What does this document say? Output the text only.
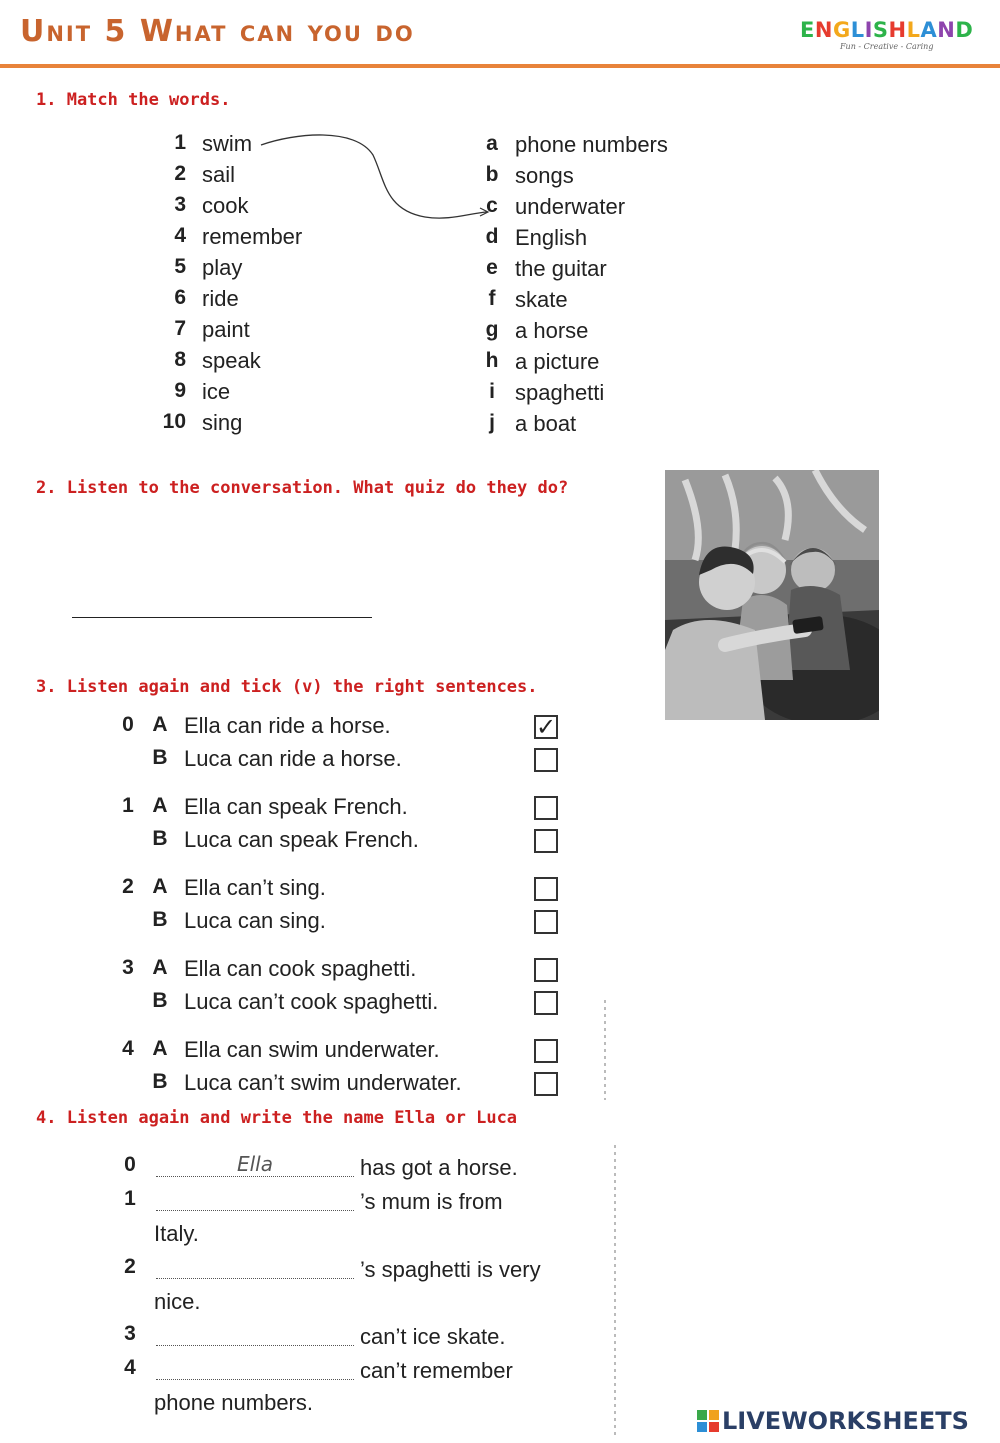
Unit 5 What can you do	ENGLISHLAND
Fun - Creative - Caring
1. Match the words.
1 swim
2 sail
3 cook
4 remember
5 play
6 ride
7 paint
8 speak
9 ice
10 sing
a phone numbers
b songs
c underwater
d English
e the guitar
f skate
g a horse
h a picture
i spaghetti
j a boat
2. Listen to the conversation. What quiz do they do?
3. Listen again and tick (v) the right sentences.
0 A Ella can ride a horse.	✓
B Luca can ride a horse.
1 A Ella can speak French.
B Luca can speak French.
2 A Ella can’t sing.
B Luca can sing.
3 A Ella can cook spaghetti.
B Luca can’t cook spaghetti.
4 A Ella can swim underwater.
B Luca can’t swim underwater.
4. Listen again and write the name Ella or Luca
0	Ella	has got a horse.
1	’s mum is from
Italy.
2	’s spaghetti is very
nice.
3	can’t ice skate.
4	can’t remember
phone numbers.
LIVEWORKSHEETS
